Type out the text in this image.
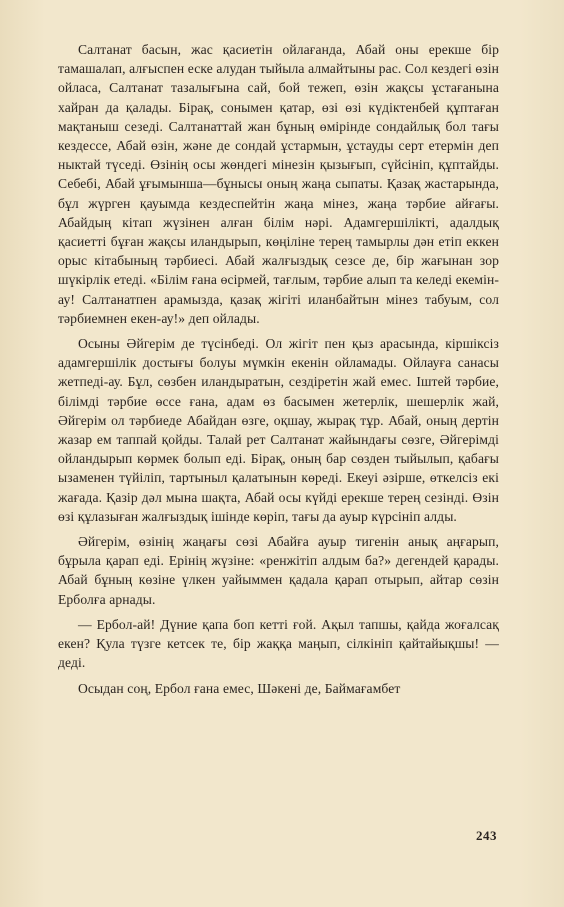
Салтанат басын, жас қасиетін ойлағанда, Абай оны ерекше бір тамашалап, алғыспен еске алудан тыйыла алмайтыны рас. Сол кездегі өзін ойласа, Салтанат тазалығына сай, бой тежеп, өзін жақсы ұстағанына хайран да қалады. Бірақ, сонымен қатар, өзі өзі күдіктенбей құптаған мақтаныш сезеді. Салтанаттай жан бұның өмірінде сондайлық бол тағы кездессе, Абай өзін, және де сондай ұстармын, ұстауды серт етермін деп ныктай түседі. Өзінің осы жөндегі мінезін қызығып, сүйсініп, құптайды. Себебі, Абай ұғымынша—бұнысы оның жаңа сыпаты. Қазақ жастарында, бұл жүрген қауымда кездеспейтін жаңа мінез, жаңа тәрбие айғағы. Абайдың кітап жүзінен алған білім нәрі. Адамгершілікті, адалдық қасиетті бұған жақсы иландырып, көңіліне терең тамырлы дән етіп еккен орыс кітабының тәрбиесі. Абай жалғыздық сезсе де, бір жағынан зор шүкірлік етеді. «Білім ғана өсірмей, тағлым, тәрбие алып та келеді екемін-ау! Салтанатпен арамызда, қазақ жігіті иланбайтын мінез табуым, сол тәрбиемнен екен-ау!» деп ойлады.

Осыны Әйгерім де түсінбеді. Ол жігіт пен қыз арасында, кіршіксіз адамгершілік достығы болуы мүмкін екенін ойламады. Ойлауға санасы жетпеді-ау. Бұл, сөзбен иландыратын, сездіретін жай емес. Іштей тәрбие, білімді тәрбие өссе ғана, адам өз басымен жетерлік, шешерлік жай, Әйгерім ол тәрбиеде Абайдан өзге, оқшау, жырақ тұр. Абай, оның дертін жазар ем таппай қойды. Талай рет Салтанат жайындағы сөзге, Әйгерімді ойландырып көрмек болып еді. Бірақ, оның бар сөзден тыйылып, қабағы ызаменен түйіліп, тартыныл қалатынын көреді. Екеуі әзірше, өткелсіз екі жағада. Қазір дәл мына шақта, Абай осы күйді ерекше терең сезінді. Өзін өзі құлазыған жалғыздық ішінде көріп, тағы да ауыр күрсініп алды.

Әйгерім, өзінің жаңағы сөзі Абайға ауыр тигенін анық аңғарып, бұрыла қарап еді. Ерінің жүзіне: «ренжітіп алдым ба?» дегендей қарады. Абай бұның көзіне үлкен уайыммен қадала қарап отырып, айтар сөзін Ерболға арнады.

— Ербол-ай! Дүние қапа боп кетті ғой. Ақыл тапшы, қайда жоғалсақ екен? Қула түзге кетсек те, бір жаққа маңып, сілкініп қайтайықшы! — деді.

Осыдан соң, Ербол ғана емес, Шәкені де, Баймағамбет

243
